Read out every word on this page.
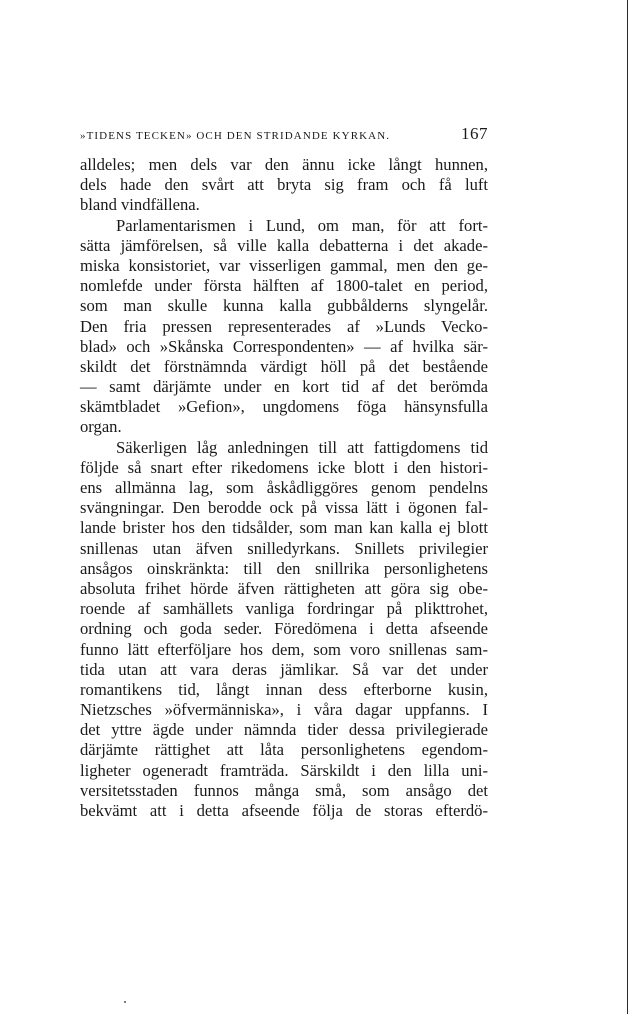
»TIDENS TECKEN» OCH DEN STRIDANDE KYRKAN.	167
alldeles; men dels var den ännu icke långt hunnen,
dels hade den svårt att bryta sig fram och få luft
bland vindfällena.
Parlamentarismen i Lund, om man, för att fort-
sätta jämförelsen, så ville kalla debatterna i det akade-
miska konsistoriet, var visserligen gammal, men den ge-
nomlefde under första hälften af 1800-talet en period,
som man skulle kunna kalla gubbålderns slyngelår.
Den fria pressen representerades af »Lunds Vecko-
blad» och »Skånska Correspondenten» — af hvilka sär-
skildt det förstnämnda värdigt höll på det bestående
— samt därjämte under en kort tid af det berömda
skämtbladet »Gefion», ungdomens föga hänsynsfulla
organ.
Säkerligen låg anledningen till att fattigdomens tid
följde så snart efter rikedomens icke blott i den histori-
ens allmänna lag, som åskådliggöres genom pendelns
svängningar. Den berodde ock på vissa lätt i ögonen fal-
lande brister hos den tidsålder, som man kan kalla ej blott
snillenas utan äfven snilledyrkans. Snillets privilegier
ansågos oinskränkta: till den snillrika personlighetens
absoluta frihet hörde äfven rättigheten att göra sig obe-
roende af samhällets vanliga fordringar på plikttrohet,
ordning och goda seder. Föredömena i detta afseende
funno lätt efterföljare hos dem, som voro snillenas sam-
tida utan att vara deras jämlikar. Så var det under
romantikens tid, långt innan dess efterborne kusin,
Nietzsches »öfvermänniska», i våra dagar uppfanns. I
det yttre ägde under nämnda tider dessa privilegierade
därjämte rättighet att låta personlighetens egendom-
ligheter ogeneradt framträda. Särskildt i den lilla uni-
versitetsstaden funnos många små, som ansågo det
bekvämt att i detta afseende följa de storas efterdö-
